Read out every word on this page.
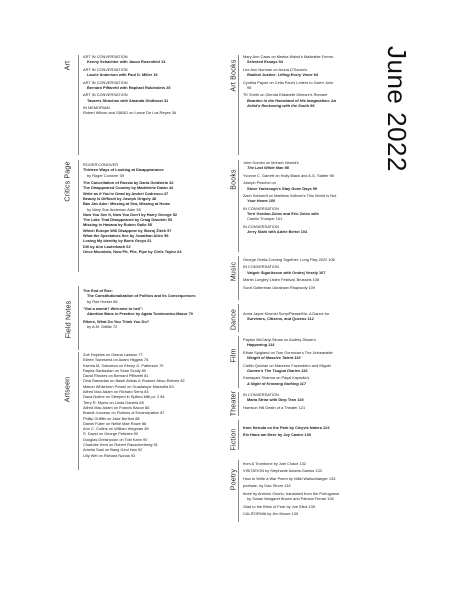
Art

ART IN CONVERSATION

Kenny Schachter with Jason Rosenfeld 13

ART IN CONVERSATION

Laurie Anderson with Paul D. Miller 19

ART IN CONVERSATION

Bernard Piffaretti with Raphael Rubinstein 25

ART IN CONVERSATION

Tavares Strachan with Amanda Glottiozzi 31

IN MEMORIAM

Robert Wilson and SABIO on Lance De Los Reyes 36

Critics Page	ROGER CONOVER

Thirteen Ways of Looking at Disappearance

by Roger Conover 39

The Cancellation of Russia by Daria Goldstein 42

The Disappeared Country by Madeleine Dolan 44

Write as if You're Dead by Andrei Codrescu 47

Beauty is Difficult by Joseph Grigely 48

Bas Jan Ader: Missing at Sea, Missing at Home

by Mary Sue Anderson Ader 50

Now You See It, Now You Don't by Harry George 52

The Lake That Disappeared by Craig Dworkin 53

Missing in Havana by Rubén Gallo 55

Which Europe Will Disappear by Slavoj Žižek 57

What the Spectators See by Jonathan Allen 59

Losing My Identity by Boris Groys 61

Dill by Ann Lauterbach 62

Once Mountain, Now Pit, Pile, Pipe by Chris Taylor 64

Field Notes

The End of Roe:

The Constitutionalization of Politics and Its Consequences

by Rob Hunter 66

"Got a womb? Welcome to hell":

Abortion Bans in Practice by Agata Tuminowicz-Mazur 70

Rikers, What Do You Think You Do?

by A.M. Gittlitz 72

Artseen

Zoë Hopkins on Deana Lawson 77

Eileen Townsend on Adam Higgins 78

Ksenia M. Soboleva on Ebony G. Patterson 79

Rapha Sarkissian on Sean Scully 80

David Rhodes on Bernard Piffaretti 81

Dina Ramadan on Basel Abbas & Ruanne Abou-Rahme 82

Mason Whitehorn Powell on Guadalupe Maravilla 83

Alfred Mac Adam on Richard Serra 83

Dana Notine on Steeped in Spilled Milk pt. 2 84

Terry R. Myers on Linda Daniels 85

Alfred Mac Adam on Francis Bacon 86

Brandt Junceau on Fictions of Emancipation 87

Phillip Griffith on Jake Berthot 88

Daniel Fuller on Nellie Mae Rowe 88

Ann C. Collins on William Wegman 89

S. David on George Petrides 90

Douglas Dreishpoon on Tobi Kahn 90

Charlotte Kent on Robert Rauschenberg 91

Amelia Saul on Bang Geul Han 92

Lilly Wei on Richard Nonas 93

Art Books

Mary Ann Caws on Meeka Walsh's Malleable Forms:

Selected Essays 94

Lee Ann Norman on Aruna D'Souza's

Radical Justice: Lifting Every Voice 94

Cynthia Payne on Celia Paul's Letters to Gwen John

95

TK Smith on Glenda Elizabeth Gilmore's Romare

Bearden in the Homeland of His Imagination: An

Artist's Reckoning with the South 96

Books

John Domini on Mohsin Hamid's

The Last White Man 98

Yvonne C. Garrett on Holly Black and A.G. Slatter 98

Joseph Peschel on

Steve Yarbrough's Stay Gone Days 99

Zach Schwedt on Matthew Vollmer's This World Is Not

Your Home 100

IN CONVERSATION

Terri Gordon-Zolov and Eric Zolov with

Camilo Trumper 101

IN CONVERSATION

Jerry Stahl with Adele Bertei 104

Music

George Grella Coming Together: Long Play 2022 106

IN CONVERSATION

Valgeir Sigurðsson with Ondrej Veselý 107

Martin Longley Listen Festival, Brussels 108

Scott Gutterman Ukrainian Rhapsody 109

Dance Anna Jayne Kimmel Sorry/Please/No: A Dance for

Survivors, Citizens, and Queens 112

Film

Payton McCarty-Simas on Audrey Diwan's

Happening 114

Ethan Spigland on Tom Gormican's The Unbearable

Weight of Massive Talent 115

Caitlin Quinlan on Maureen Fazendeiro and Miguel

Gomes's The Tsugua Diaries 116

Kamayani Sharma on Payal Kapadia's

A Night of Knowing Nothing 117

Theater IN CONVERSATION

Maria Striar with Diep Tran 120

Harrison Hill Death of a Theater 121

Fiction

from Neruda on the Park by Cleyvis Natera 124

Ein Haus am Meer by Joy Castro 130

Poetry

from A Trombone by Joel Chace 132

VISITATION by Stephanie Adams-Santos 133

How to Write a War Poem by Nikki Wallschlaeger 133

poetwar- by Dao Strom 133

three by António Osório, translated from the Portuguese

by Susan Margaret Brown and Patricia Ferrari 134

Glad to the Brink of Fear by Joe Elliot 135

CALIFORNIA by Jim Moore 135

June 2022
